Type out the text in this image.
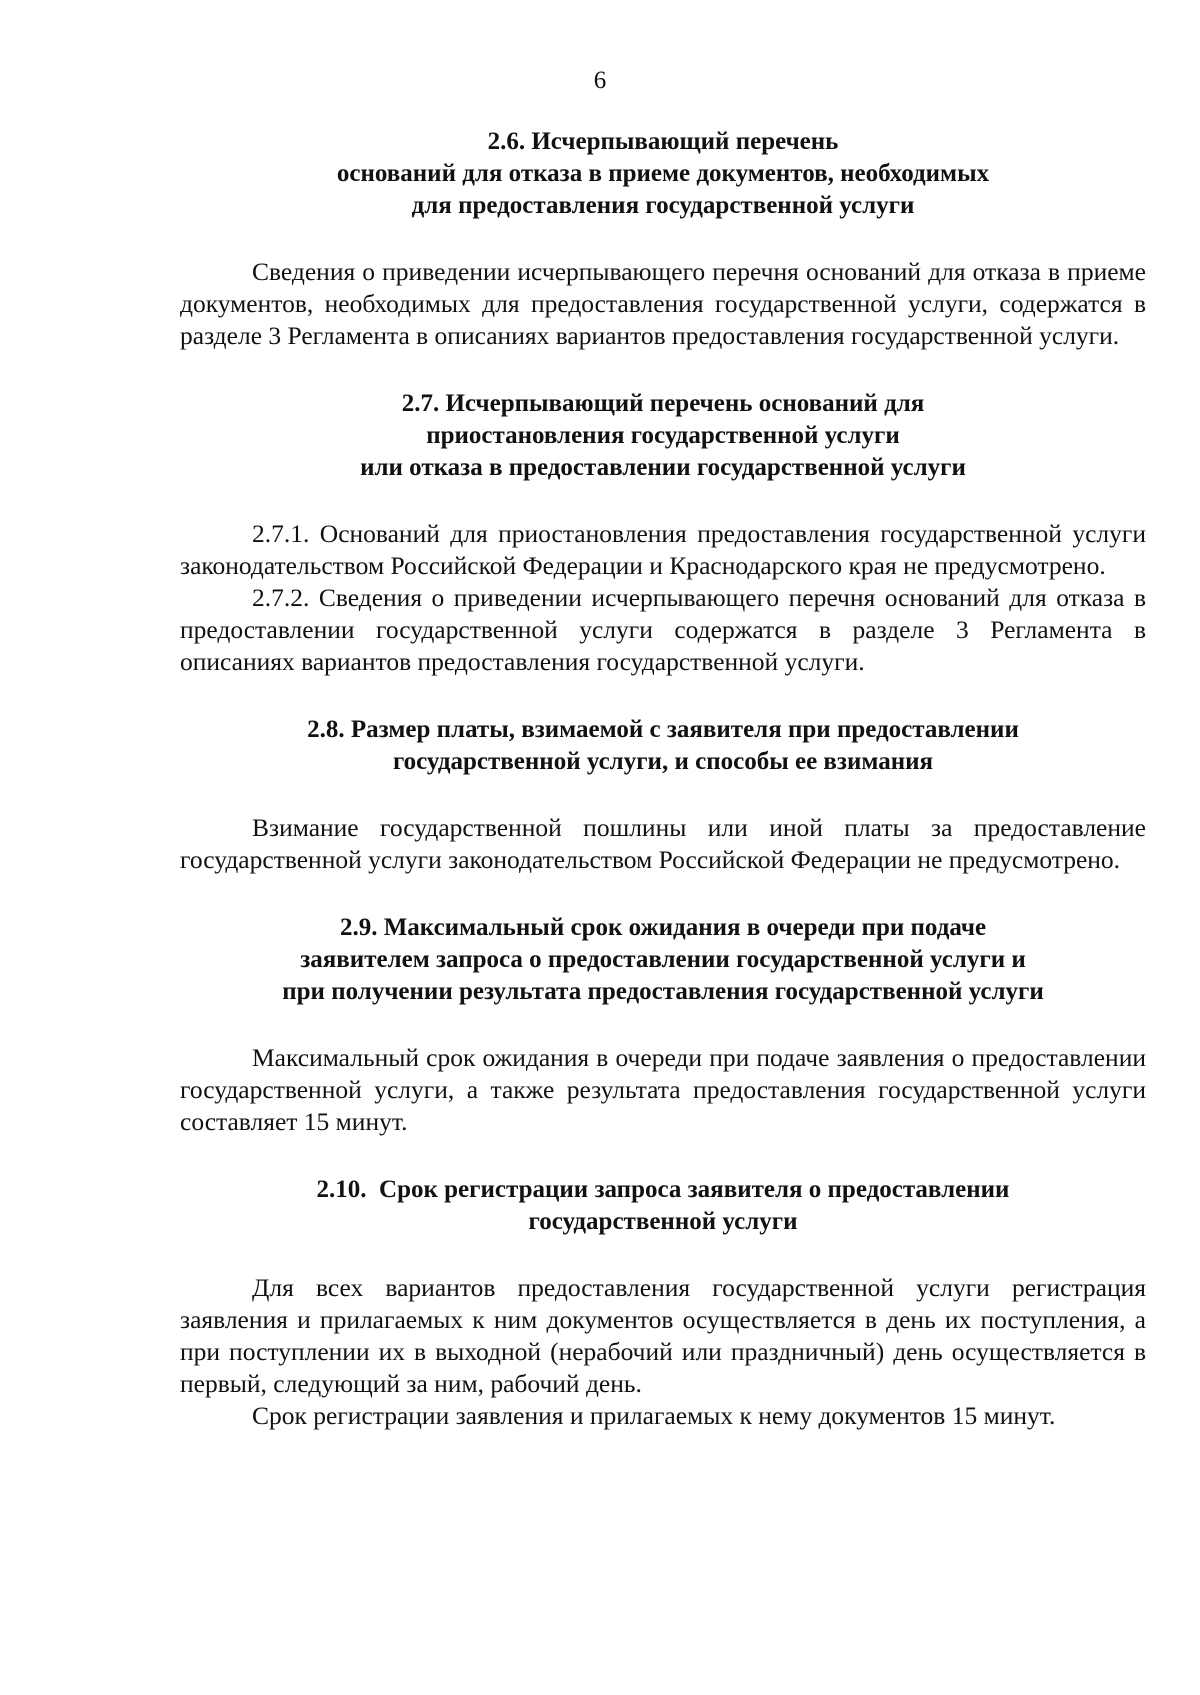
6
2.6. Исчерпывающий перечень
оснований для отказа в приеме документов, необходимых
для предоставления государственной услуги

Сведения о приведении исчерпывающего перечня оснований для отказа в приеме документов, необходимых для предоставления государственной услуги, содержатся в разделе 3 Регламента в описаниях вариантов предоставления государственной услуги.

2.7. Исчерпывающий перечень оснований для
приостановления государственной услуги
или отказа в предоставлении государственной услуги

2.7.1. Оснований для приостановления предоставления государственной услуги законодательством Российской Федерации и Краснодарского края не предусмотрено.

2.7.2. Сведения о приведении исчерпывающего перечня оснований для отказа в предоставлении государственной услуги содержатся в разделе 3 Регламента в описаниях вариантов предоставления государственной услуги.

2.8. Размер платы, взимаемой с заявителя при предоставлении
государственной услуги, и способы ее взимания

Взимание государственной пошлины или иной платы за предоставление государственной услуги законодательством Российской Федерации не предусмотрено.

2.9. Максимальный срок ожидания в очереди при подаче
заявителем запроса о предоставлении государственной услуги и
при получении результата предоставления государственной услуги

Максимальный срок ожидания в очереди при подаче заявления о предоставлении государственной услуги, а также результата предоставления государственной услуги составляет 15 минут.

2.10.  Срок регистрации запроса заявителя о предоставлении
государственной услуги

Для всех вариантов предоставления государственной услуги регистрация заявления и прилагаемых к ним документов осуществляется в день их поступления, а при поступлении их в выходной (нерабочий или праздничный) день осуществляется в первый, следующий за ним, рабочий день.

Срок регистрации заявления и прилагаемых к нему документов 15 минут.
